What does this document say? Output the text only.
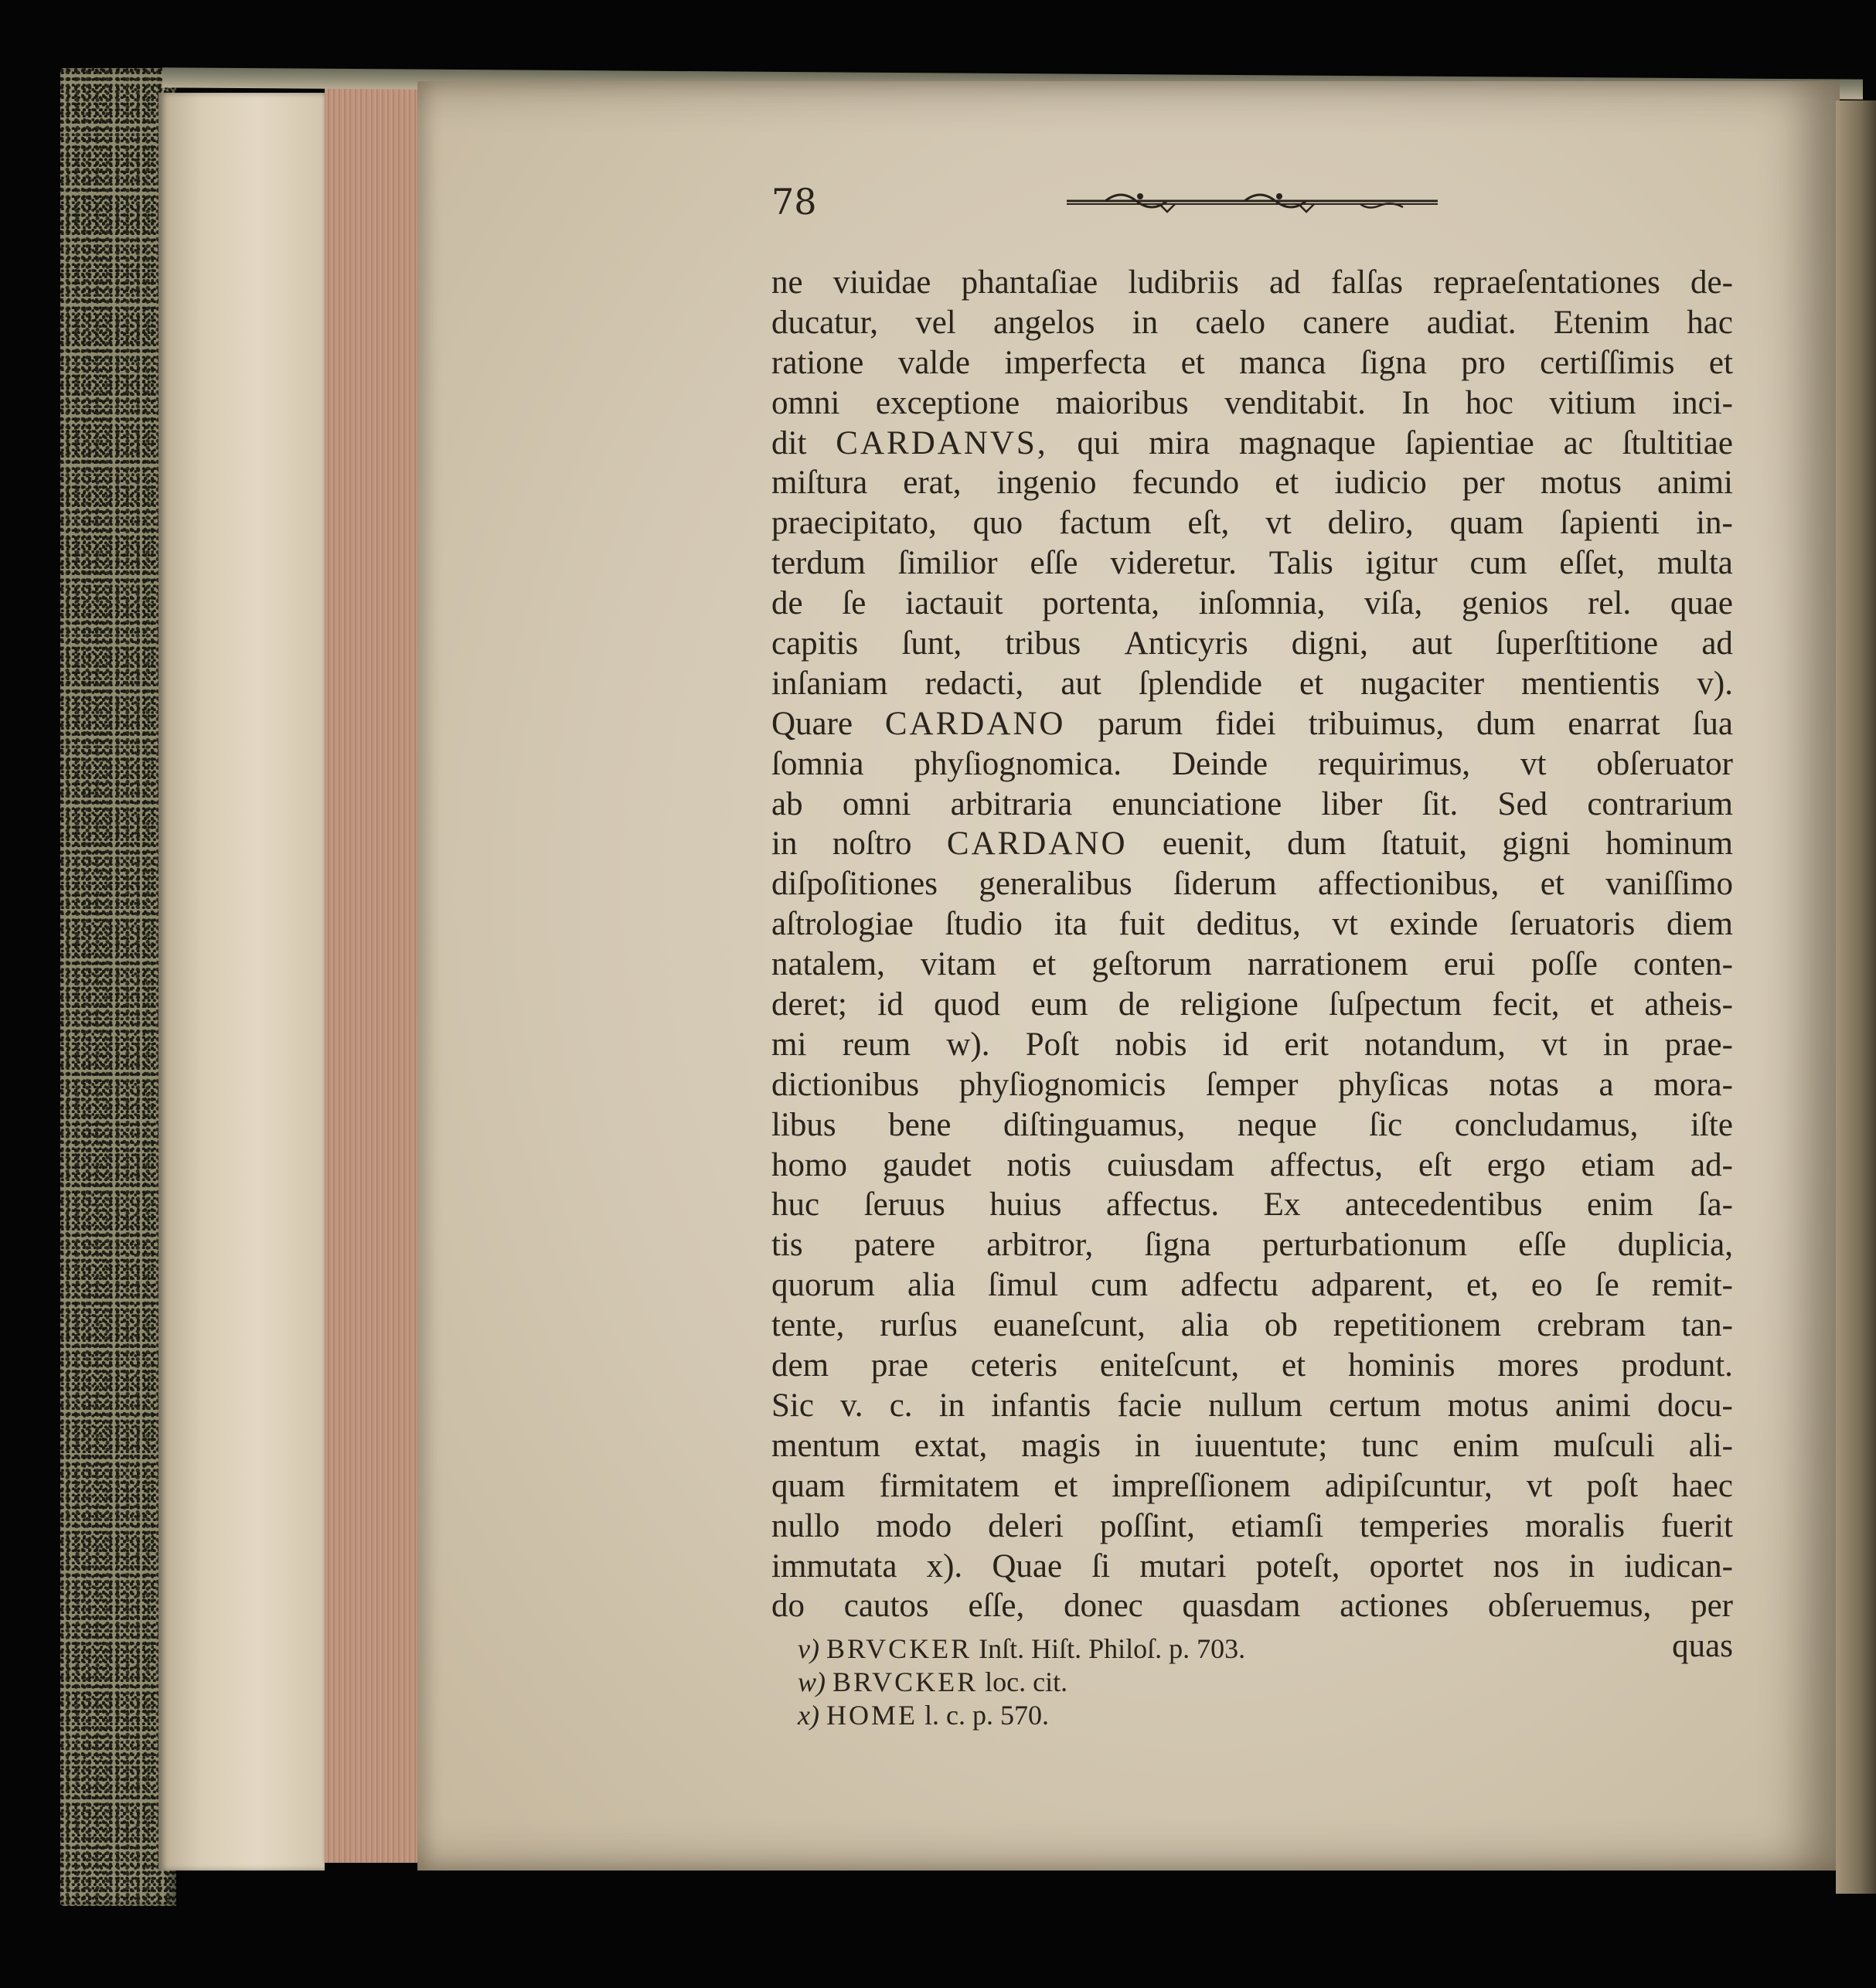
78
ne viuidae phantaſiae ludibriis ad falſas repraeſentationes de-
ducatur, vel angelos in caelo canere audiat. Etenim hac
ratione valde imperfecta et manca ſigna pro certiſſimis et
omni exceptione maioribus venditabit. In hoc vitium inci-
dit CARDANVS, qui mira magnaque ſapientiae ac ſtultitiae
miſtura erat, ingenio fecundo et iudicio per motus animi
praecipitato, quo factum eſt, vt deliro, quam ſapienti in-
terdum ſimilior eſſe videretur. Talis igitur cum eſſet, multa
de ſe iactauit portenta, inſomnia, viſa, genios rel. quae
capitis ſunt, tribus Anticyris digni, aut ſuperſtitione ad
inſaniam redacti, aut ſplendide et nugaciter mentientis v).
Quare CARDANO parum fidei tribuimus, dum enarrat ſua
ſomnia phyſiognomica. Deinde requirimus, vt obſeruator
ab omni arbitraria enunciatione liber ſit. Sed contrarium
in noſtro CARDANO euenit, dum ſtatuit, gigni hominum
diſpoſitiones generalibus ſiderum affectionibus, et vaniſſimo
aſtrologiae ſtudio ita fuit deditus, vt exinde ſeruatoris diem
natalem, vitam et geſtorum narrationem erui poſſe conten-
deret; id quod eum de religione ſuſpectum fecit, et atheis-
mi reum w). Poſt nobis id erit notandum, vt in prae-
dictionibus phyſiognomicis ſemper phyſicas notas a mora-
libus bene diſtinguamus, neque ſic concludamus, iſte
homo gaudet notis cuiusdam affectus, eſt ergo etiam ad-
huc ſeruus huius affectus. Ex antecedentibus enim ſa-
tis patere arbitror, ſigna perturbationum eſſe duplicia,
quorum alia ſimul cum adfectu adparent, et, eo ſe remit-
tente, rurſus euaneſcunt, alia ob repetitionem crebram tan-
dem prae ceteris eniteſcunt, et hominis mores produnt.
Sic v. c. in infantis facie nullum certum motus animi docu-
mentum extat, magis in iuuentute; tunc enim muſculi ali-
quam firmitatem et impreſſionem adipiſcuntur, vt poſt haec
nullo modo deleri poſſint, etiamſi temperies moralis fuerit
immutata x). Quae ſi mutari poteſt, oportet nos in iudican-
do cautos eſſe, donec quasdam actiones obſeruemus, per
quas
v) BRVCKER Inſt. Hiſt. Philoſ. p. 703.
w) BRVCKER loc. cit.
x) HOME l. c. p. 570.
